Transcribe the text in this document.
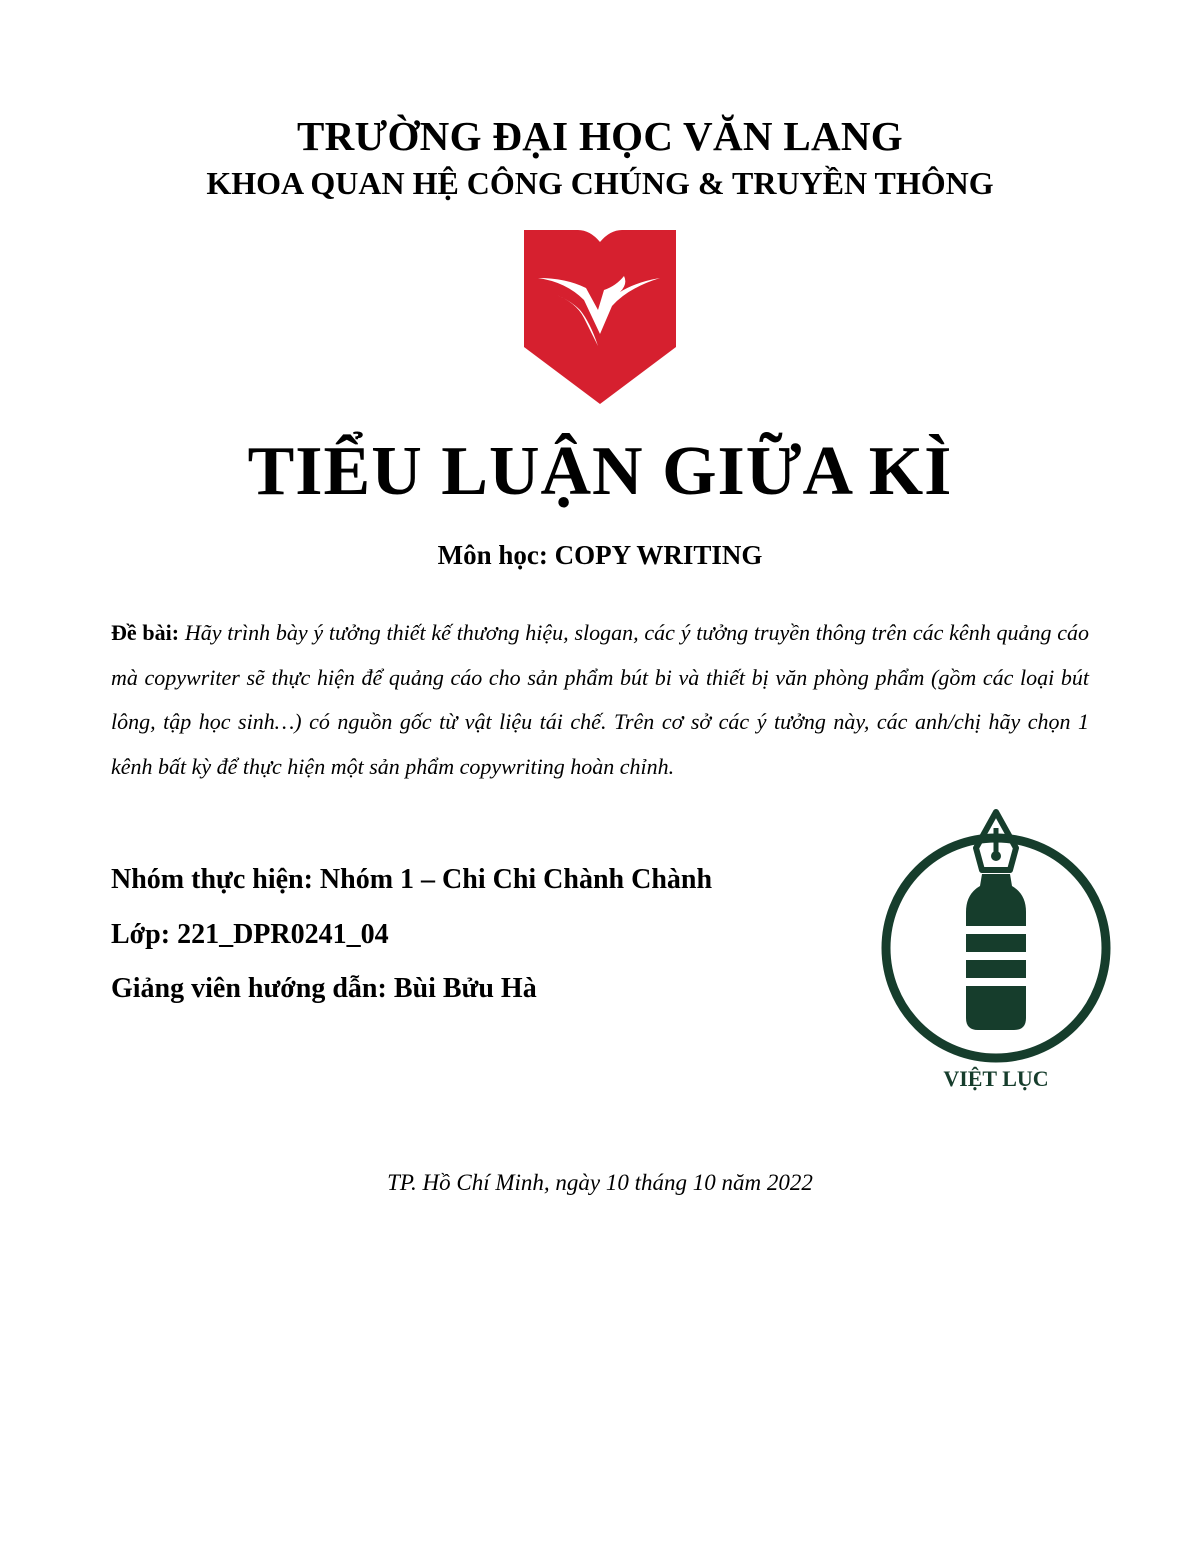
TRƯỜNG ĐẠI HỌC VĂN LANG
KHOA QUAN HỆ CÔNG CHÚNG & TRUYỀN THÔNG
TIỂU LUẬN GIỮA KÌ
Môn học: COPY WRITING
Đề bài: Hãy trình bày ý tưởng thiết kế thương hiệu, slogan, các ý tưởng truyền thông trên các kênh quảng cáo mà copywriter sẽ thực hiện để quảng cáo cho sản phẩm bút bi và thiết bị văn phòng phẩm (gồm các loại bút lông, tập học sinh…) có nguồn gốc từ vật liệu tái chế. Trên cơ sở các ý tưởng này, các anh/chị hãy chọn 1 kênh bất kỳ để thực hiện một sản phẩm copywriting hoàn chỉnh.
Nhóm thực hiện: Nhóm 1 – Chi Chi Chành Chành
Lớp: 221_DPR0241_04
Giảng viên hướng dẫn: Bùi Bửu Hà
VIỆT LỤC
TP. Hồ Chí Minh, ngày 10 tháng 10 năm 2022
